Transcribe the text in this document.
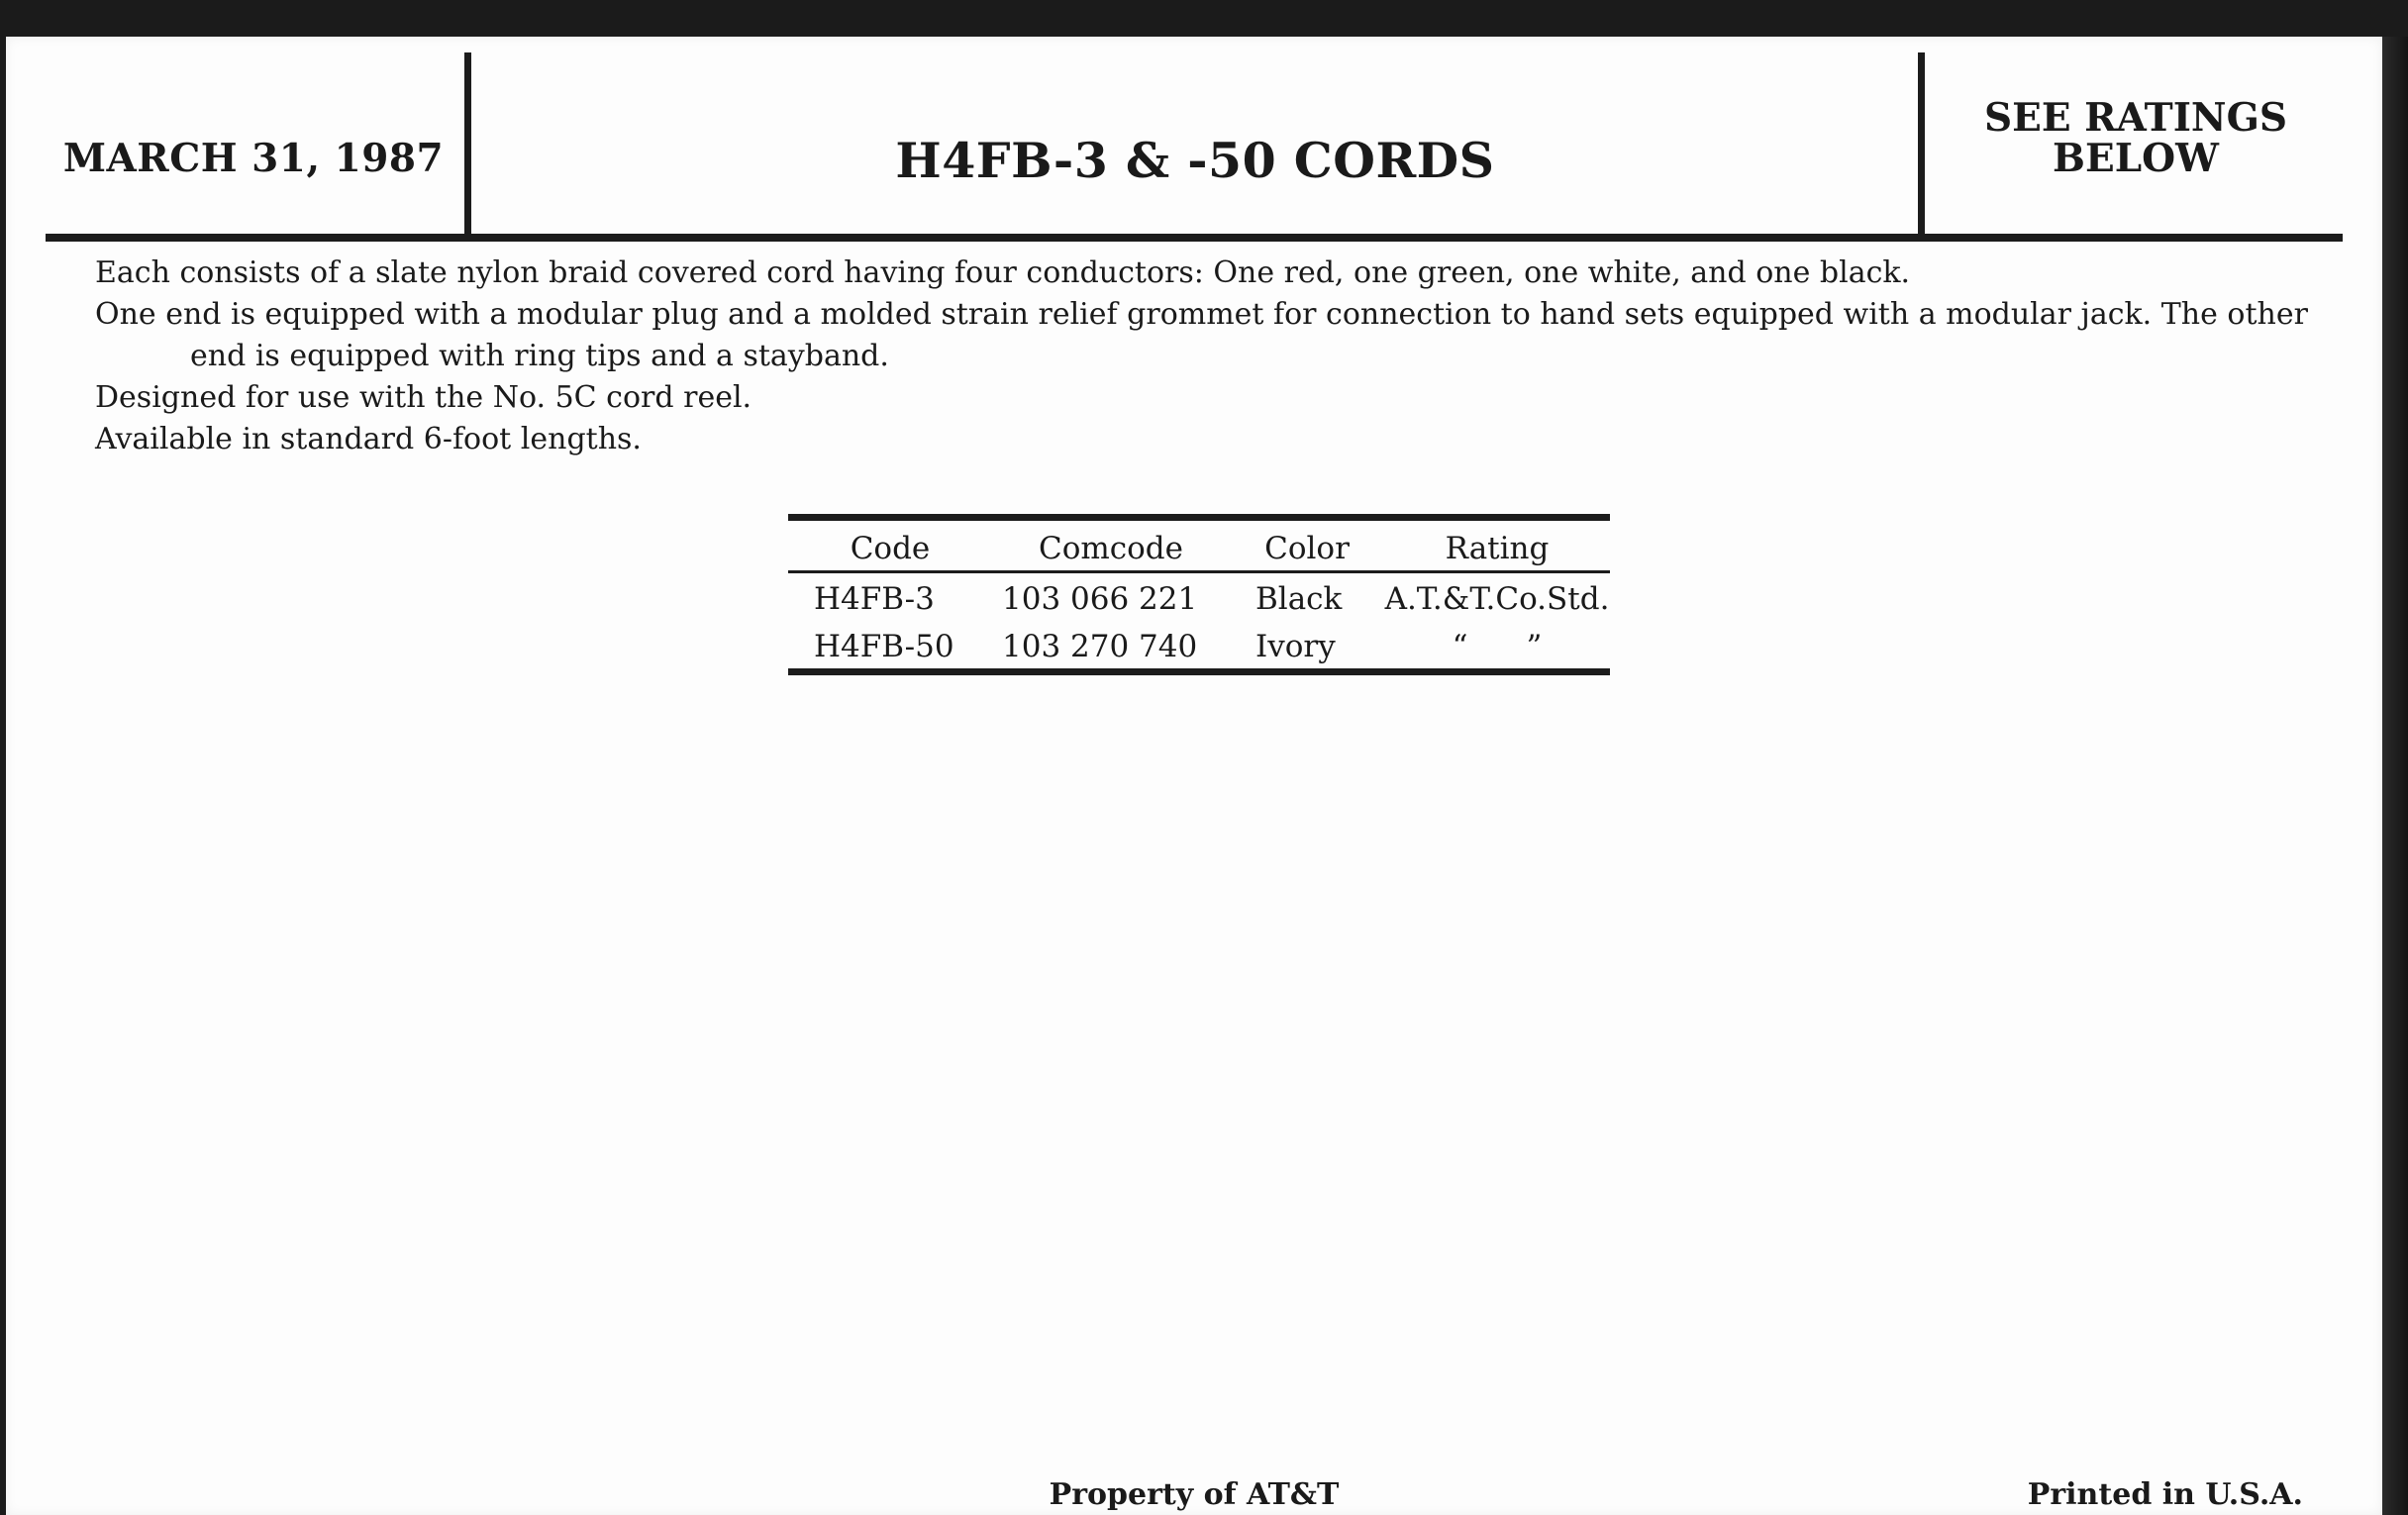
MARCH 31, 1987	H4FB-3 & -50 CORDS
SEE RATINGS
BELOW

Each consists of a slate nylon braid covered cord having four conductors: One red, one green, one white, and one black.

One end is equipped with a modular plug and a molded strain relief grommet for connection to hand sets equipped with a modular jack. The other end is equipped with ring tips and a stayband.

Designed for use with the No. 5C cord reel.

Available in standard 6-foot lengths.

Code	Comcode	Color	Rating
H4FB-3	103 066 221	Black	A.T.&T.Co.Std.
H4FB-50	103 270 740	Ivory	“      ”
Property of AT&T	Printed in U.S.A.
